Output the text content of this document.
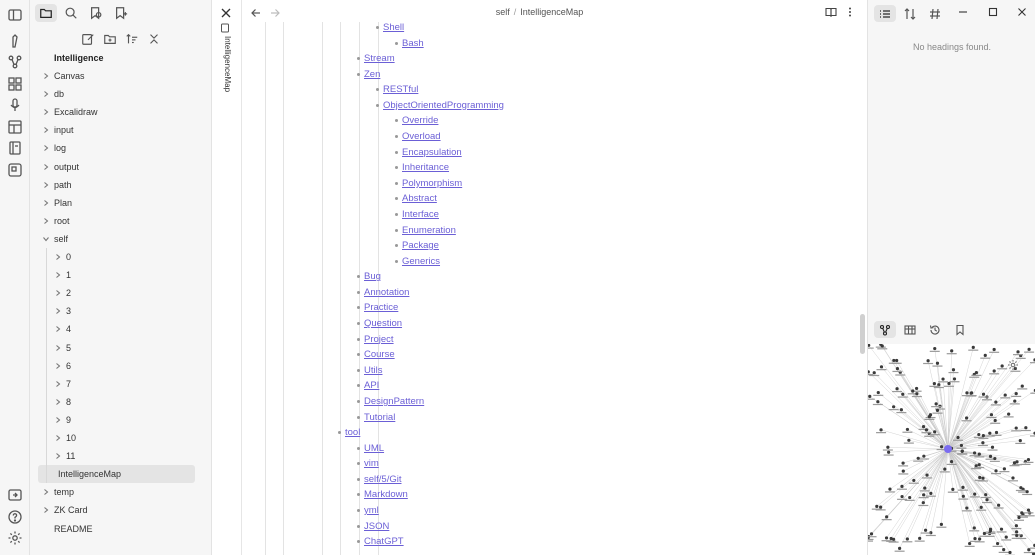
Intelligence
Canvas
db
Excalidraw
input
log
output
path
Plan
root
self
0
1
2
3
4
5
6
7
8
9
10
11
IntelligenceMap
temp
ZK Card
README
IntelligenceMap
self / IntelligenceMap
Shell
Bash
Stream
Zen
RESTful
ObjectOrientedProgramming
Override
Overload
Encapsulation
Inheritance
Polymorphism
Abstract
Interface
Enumeration
Package
Generics
Bug
Annotation
Practice
Question
Project
Course
Utils
API
DesignPattern
Tutorial
tool
UML
vim
self/5/Git
Markdown
yml
JSON
ChatGPT
No headings found.
